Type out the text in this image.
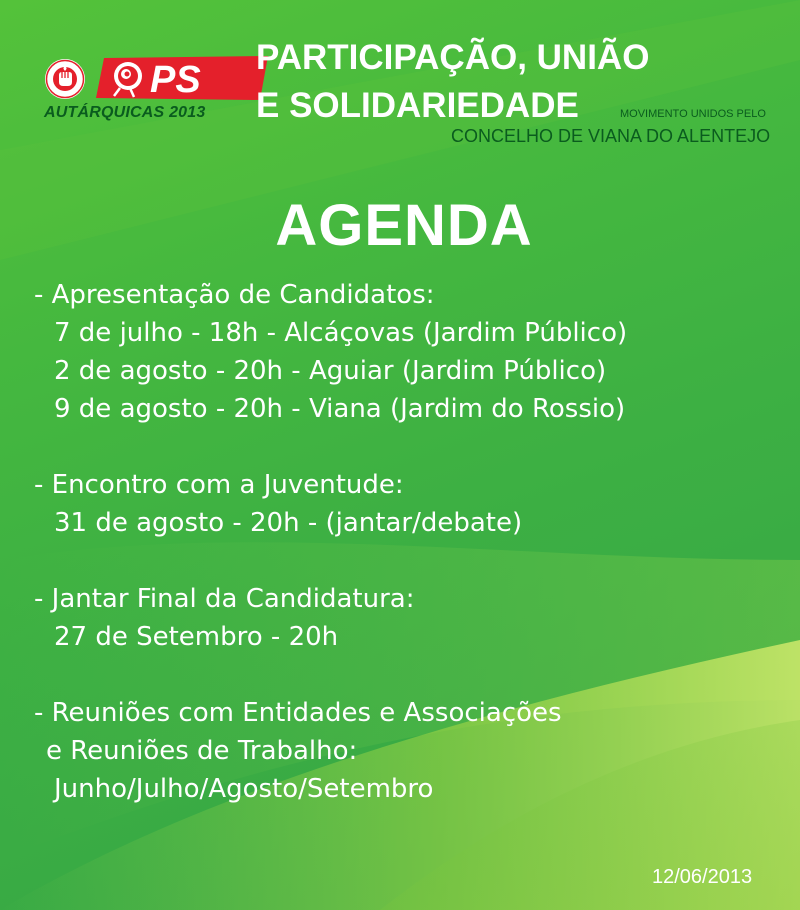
PS
AUTÁRQUICAS 2013
PARTICIPAÇÃO, UNIÃO
E SOLIDARIEDADE	MOVIMENTO UNIDOS PELO
CONCELHO DE VIANA DO ALENTEJO
AGENDA
- Apresentação de Candidatos:
7 de julho - 18h - Alcáçovas (Jardim Público)
2 de agosto - 20h - Aguiar (Jardim Público)
9 de agosto - 20h - Viana (Jardim do Rossio)
- Encontro com a Juventude:
31 de agosto - 20h - (jantar/debate)
- Jantar Final da Candidatura:
27 de Setembro - 20h
- Reuniões com Entidades e Associações
e Reuniões de Trabalho:
Junho/Julho/Agosto/Setembro
12/06/2013
